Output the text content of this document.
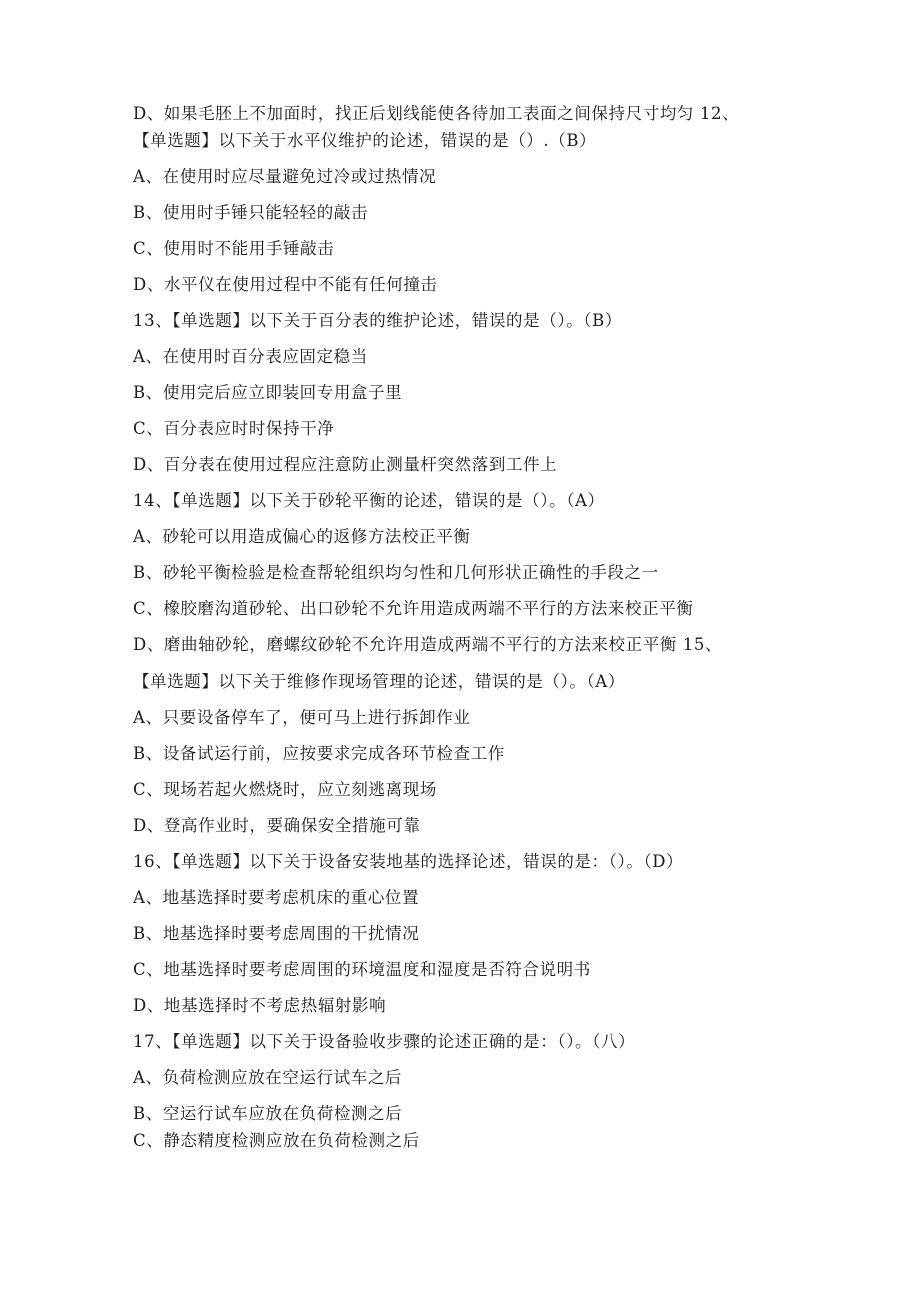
D、如果毛胚上不加面时，找正后划线能使各待加工表面之间保持尺寸均匀 12、
【单选题】以下关于水平仪维护的论述，错误的是（）.（B）
A、在使用时应尽量避免过冷或过热情况
B、使用时手锤只能轻轻的敲击
C、使用时不能用手锤敲击
D、水平仪在使用过程中不能有任何撞击
13、【单选题】以下关于百分表的维护论述，错误的是（）。（B）
A、在使用时百分表应固定稳当
B、使用完后应立即装回专用盒子里
C、百分表应时时保持干净
D、百分表在使用过程应注意防止测量杆突然落到工件上
14、【单选题】以下关于砂轮平衡的论述，错误的是（）。（A）
A、砂轮可以用造成偏心的返修方法校正平衡
B、砂轮平衡检验是检查帮轮组织均匀性和几何形状正确性的手段之一
C、橡胶磨沟道砂轮、出口砂轮不允许用造成两端不平行的方法来校正平衡
D、磨曲轴砂轮，磨螺纹砂轮不允许用造成两端不平行的方法来校正平衡 15、
【单选题】以下关于维修作现场管理的论述，错误的是（）。（A）
A、只要设备停车了，便可马上进行拆卸作业
B、设备试运行前，应按要求完成各环节检查工作
C、现场若起火燃烧时，应立刻逃离现场
D、登高作业时，要确保安全措施可靠
16、【单选题】以下关于设备安装地基的选择论述，错误的是：（）。（D）
A、地基选择时要考虑机床的重心位置
B、地基选择时要考虑周围的干扰情况
C、地基选择时要考虑周围的环境温度和湿度是否符合说明书
D、地基选择时不考虑热辐射影响
17、【单选题】以下关于设备验收步骤的论述正确的是：（）。（八）
A、负荷检测应放在空运行试车之后
B、空运行试车应放在负荷检测之后
C、静态精度检测应放在负荷检测之后
